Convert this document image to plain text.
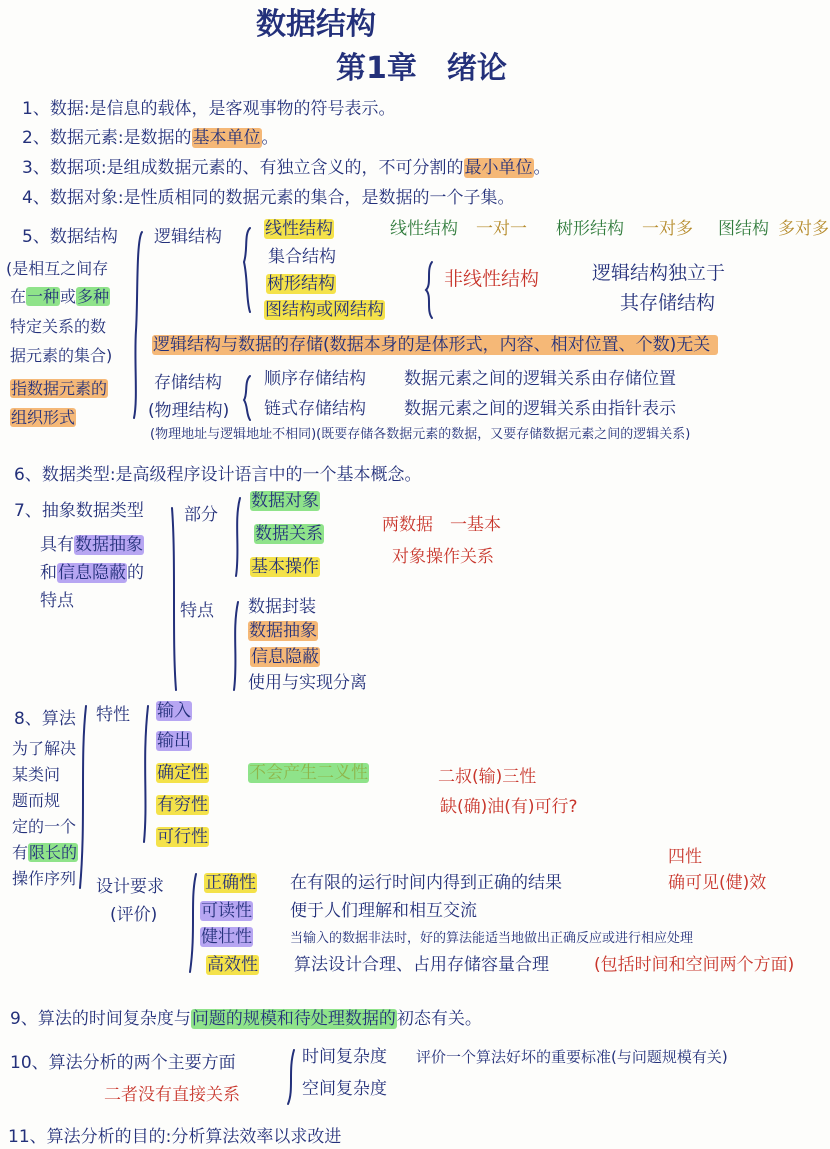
数据结构
第1章　绪论
1、数据:是信息的载体，是客观事物的符号表示。
2、数据元素:是数据的基本单位。
3、数据项:是组成数据元素的、有独立含义的，不可分割的最小单位。
4、数据对象:是性质相同的数据元素的集合，是数据的一个子集。
5、数据结构
(是相互之间存
在一种或多种
特定关系的数
据元素的集合)
指数据元素的
组织形式
逻辑结构	线性结构
集合结构
树形结构
图结构或网结构
非线性结构
线性结构 一对一 树形结构 一对多 图结构 多对多
逻辑结构独立于
其存储结构
逻辑结构与数据的存储(数据本身的是体形式，内容、相对位置、个数)无关
存储结构
(物理结构)
顺序存储结构 数据元素之间的逻辑关系由存储位置
链式存储结构 数据元素之间的逻辑关系由指针表示
(物理地址与逻辑地址不相同)(既要存储各数据元素的数据，又要存储数据元素之间的逻辑关系)
6、数据类型:是高级程序设计语言中的一个基本概念。
7、抽象数据类型
具有数据抽象
和信息隐蔽的
特点
部分
数据对象
数据关系
基本操作
两数据　一基本
对象操作关系
特点 数据封装
数据抽象
信息隐蔽
使用与实现分离
8、算法
为了解决
某类问
题而规
定的一个
有限长的
操作序列
特性 输入
输出
确定性
有穷性
可行性
不会产生二义性	二叔(输)三性
缺(确)油(有)可行?
设计要求
(评价)
正确性
可读性
健壮性
高效性
在有限的运行时间内得到正确的结果
便于人们理解和相互交流
当输入的数据非法时，好的算法能适当地做出正确反应或进行相应处理
算法设计合理、占用存储容量合理	(包括时间和空间两个方面)
四性
确可见(健)效
9、算法的时间复杂度与问题的规模和待处理数据的初态有关。
10、算法分析的两个主要方面	时间复杂度 评价一个算法好坏的重要标准(与问题规模有关)
空间复杂度
二者没有直接关系
11、算法分析的目的:分析算法效率以求改进
